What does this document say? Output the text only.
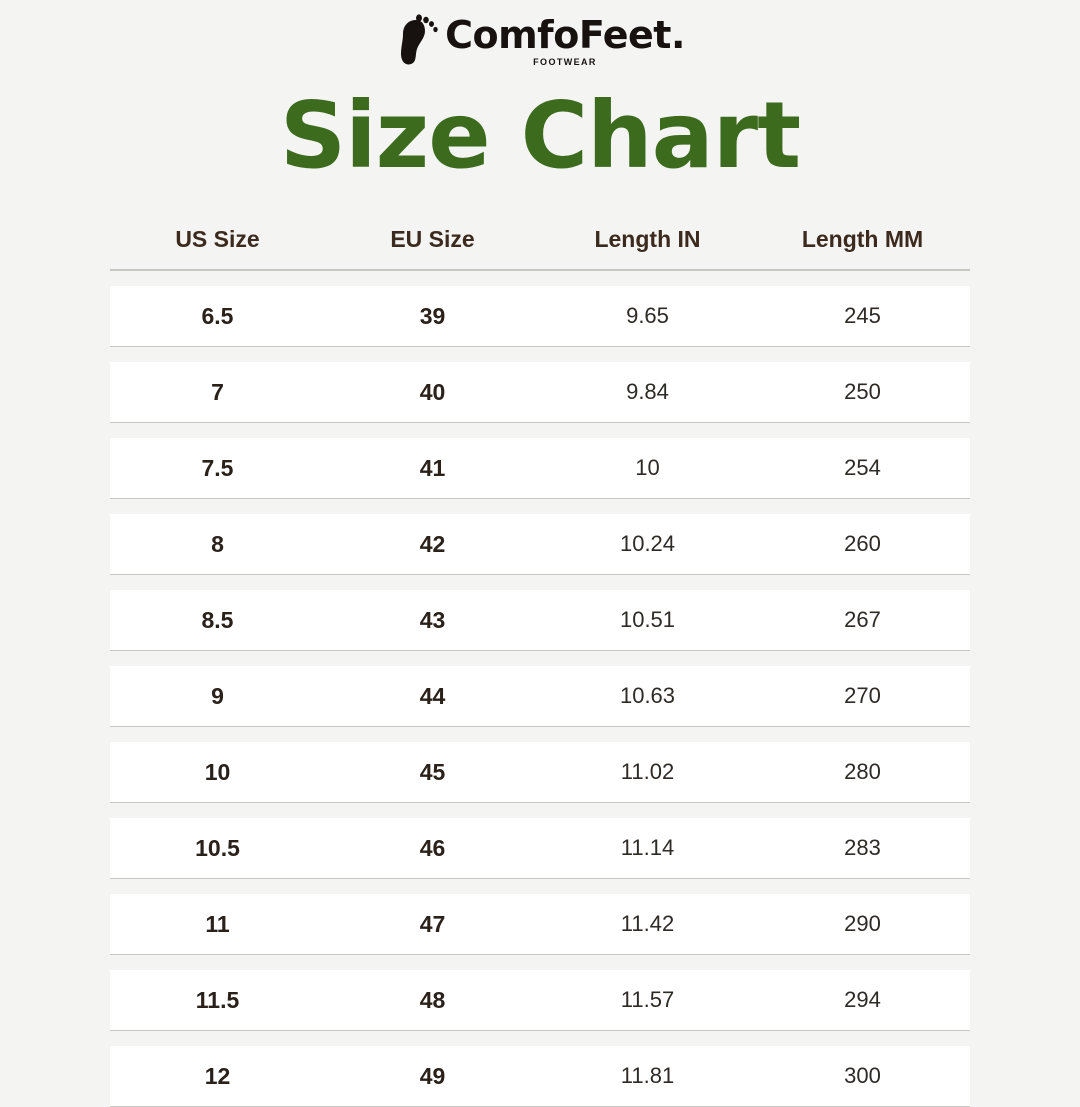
ComfoFeet.
FOOTWEAR
Size Chart
US Size	EU Size	Length IN	Length MM
6.5	39	9.65	245
7	40	9.84	250
7.5	41	10	254
8	42	10.24	260
8.5	43	10.51	267
9	44	10.63	270
10	45	11.02	280
10.5	46	11.14	283
11	47	11.42	290
11.5	48	11.57	294
12	49	11.81	300
